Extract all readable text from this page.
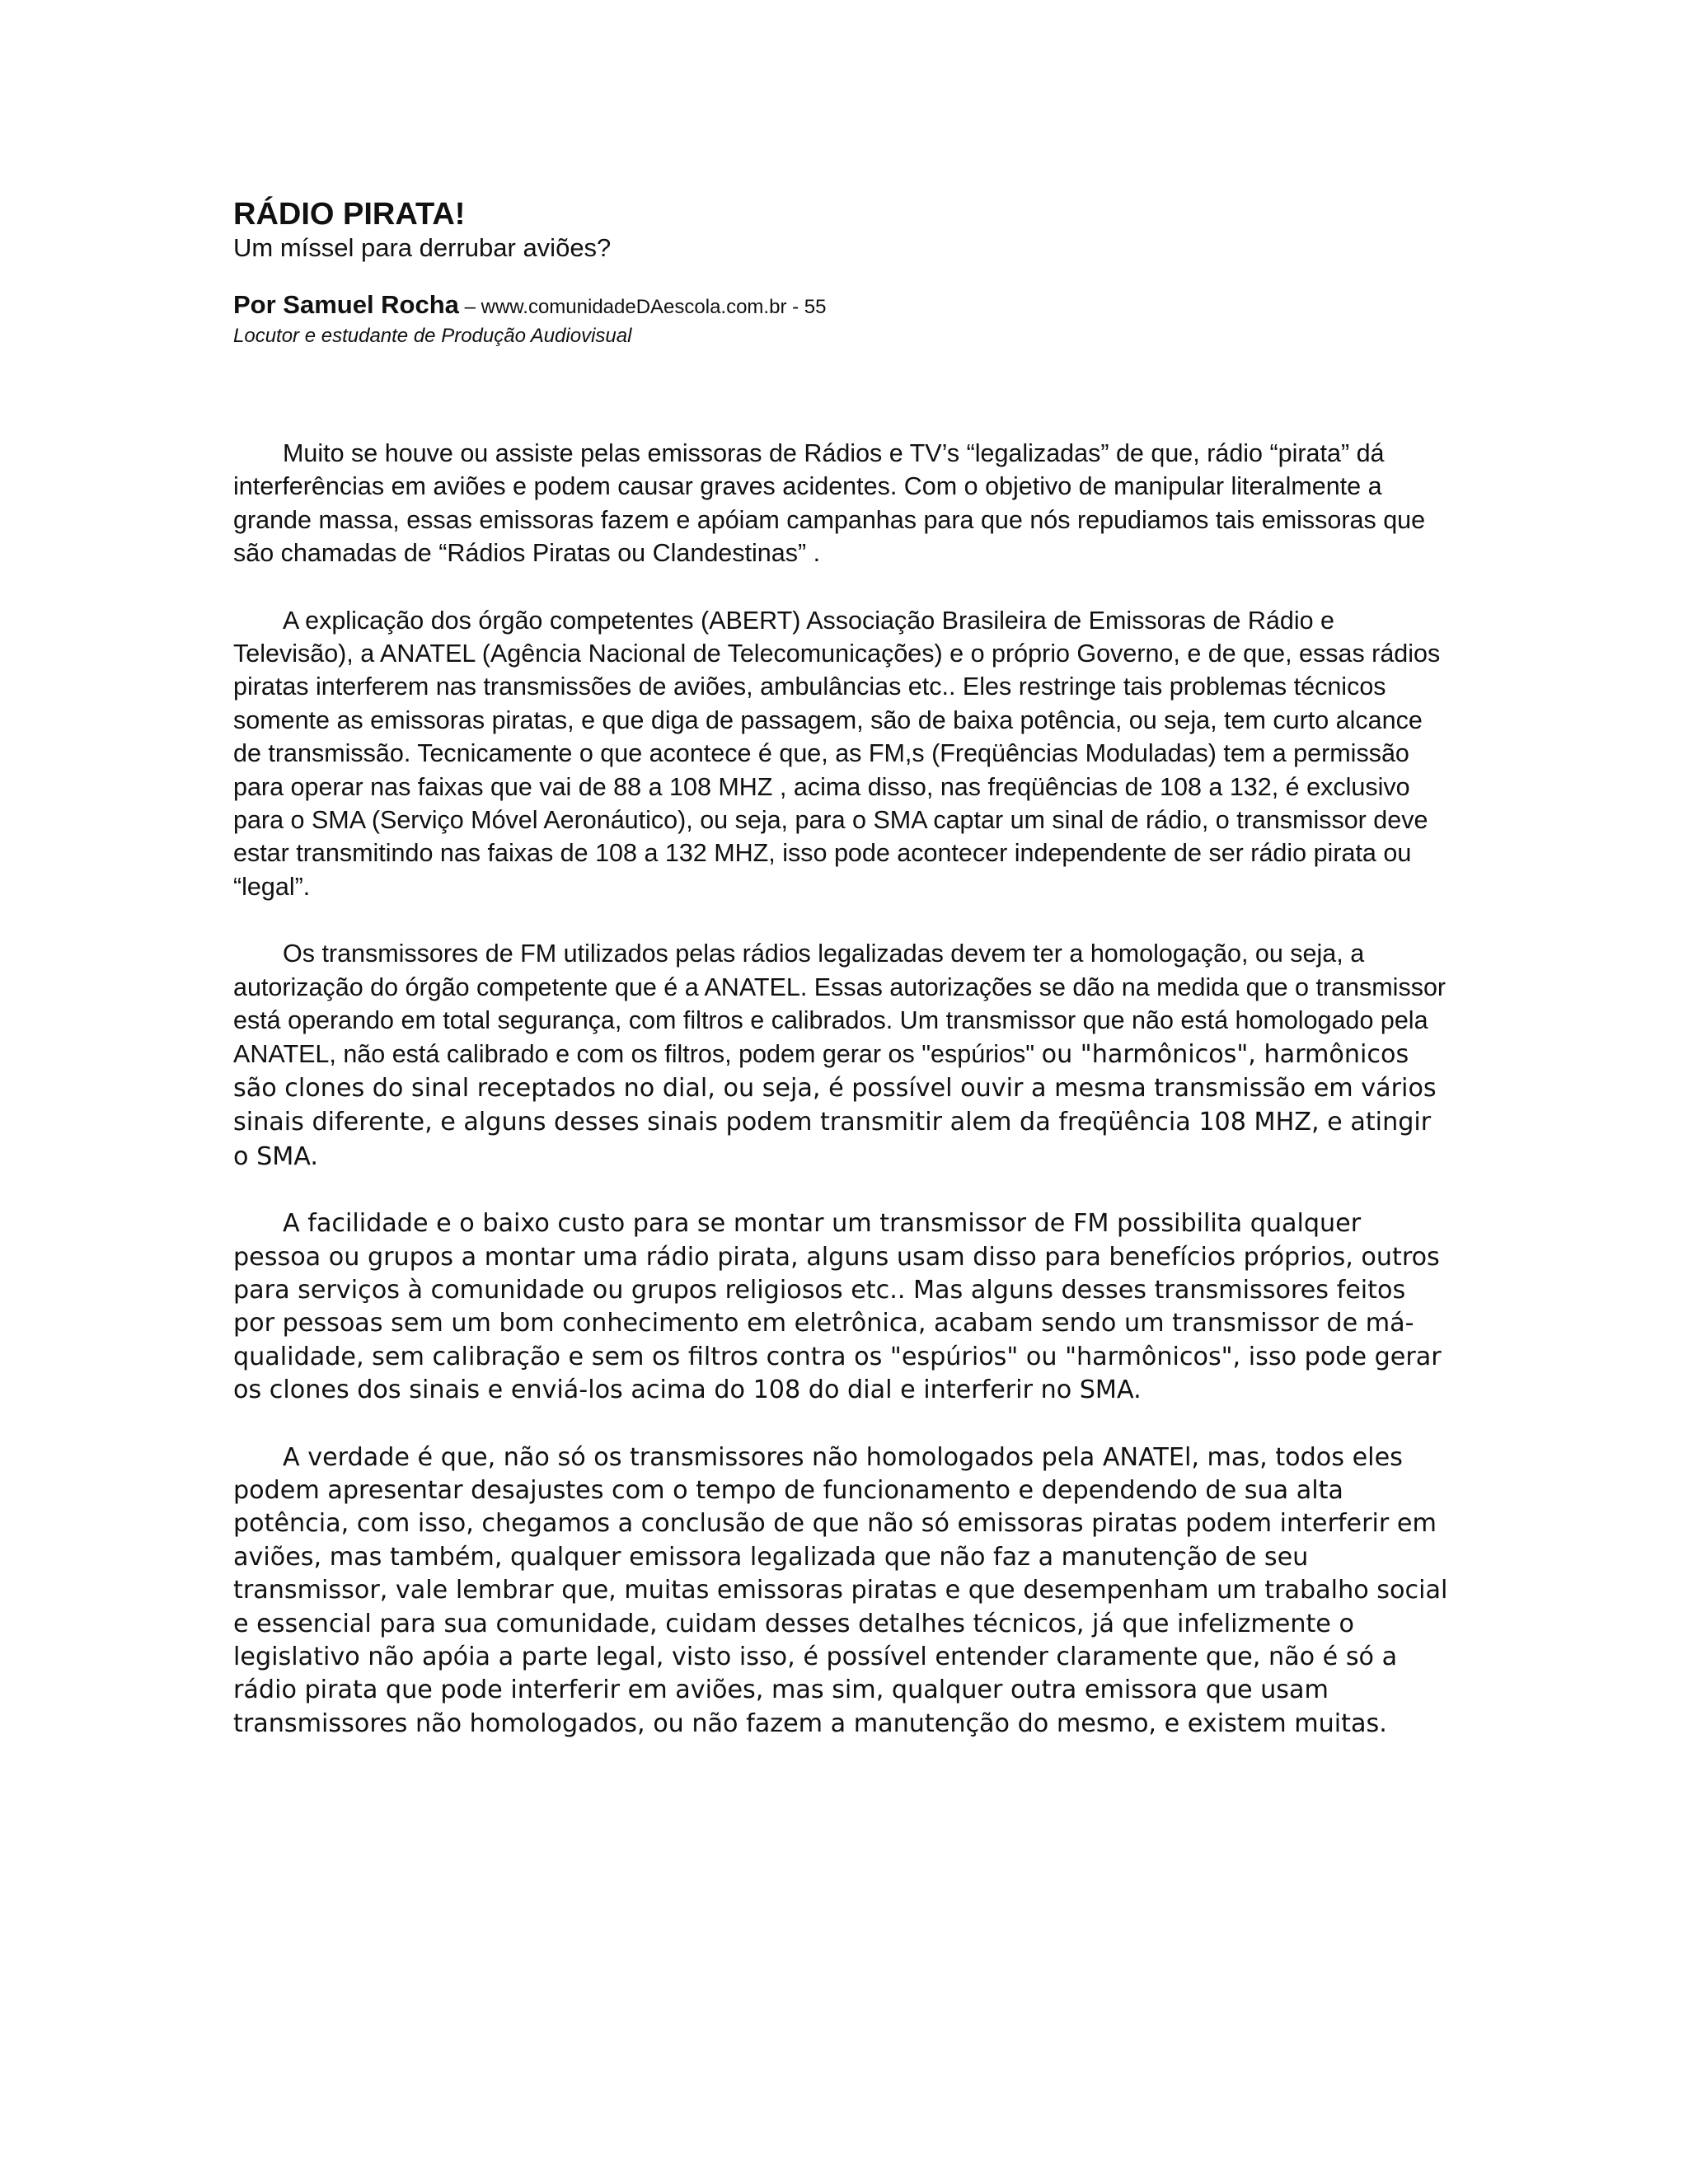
RÁDIO PIRATA!

Um míssel para derrubar aviões?

Por Samuel Rocha – www.comunidadeDAescola.com.br - 55

Locutor e estudante de Produção Audiovisual

Muito se houve ou assiste pelas emissoras de Rádios e TV’s “legalizadas” de que, rádio “pirata” dá interferências em aviões e podem causar graves acidentes. Com o objetivo de manipular literalmente a grande massa, essas emissoras fazem e apóiam campanhas para que nós repudiamos tais emissoras que são chamadas de “Rádios Piratas ou Clandestinas” .

A explicação dos órgão competentes (ABERT) Associação Brasileira de Emissoras de Rádio e Televisão), a ANATEL (Agência Nacional de Telecomunicações) e o próprio Governo, e de que, essas rádios piratas interferem nas transmissões de aviões, ambulâncias etc.. Eles restringe tais problemas técnicos somente as emissoras piratas, e que diga de passagem, são de baixa potência, ou seja, tem curto alcance de transmissão. Tecnicamente o que acontece é que, as FM,s (Freqüências Moduladas) tem a permissão para operar nas faixas que vai de 88 a 108 MHZ , acima disso, nas freqüências de 108 a 132, é exclusivo para o SMA (Serviço Móvel Aeronáutico), ou seja, para o SMA captar um sinal de rádio, o transmissor deve estar transmitindo nas faixas de 108 a 132 MHZ, isso pode acontecer independente de ser rádio pirata ou “legal”.

Os transmissores de FM utilizados pelas rádios legalizadas devem ter a homologação, ou seja, a autorização do órgão competente que é a ANATEL. Essas autorizações se dão na medida que o transmissor está operando em total segurança, com filtros e calibrados. Um transmissor que não está homologado pela ANATEL, não está calibrado e com os filtros, podem gerar os "espúrios" ou "harmônicos", harmônicos são clones do sinal receptados no dial, ou seja, é possível ouvir a mesma transmissão em vários sinais diferente, e alguns desses sinais podem transmitir alem da freqüência 108 MHZ, e atingir o SMA.

A facilidade e o baixo custo para se montar um transmissor de FM possibilita qualquer pessoa ou grupos a montar uma rádio pirata, alguns usam disso para benefícios próprios, outros para serviços à comunidade ou grupos religiosos etc.. Mas alguns desses transmissores feitos por pessoas sem um bom conhecimento em eletrônica, acabam sendo um transmissor de má-qualidade, sem calibração e sem os filtros contra os "espúrios" ou "harmônicos", isso pode gerar os clones dos sinais e enviá-los acima do 108 do dial e interferir no SMA.

A verdade é que, não só os transmissores não homologados pela ANATEl, mas, todos eles podem apresentar desajustes com o tempo de funcionamento e dependendo de sua alta potência, com isso, chegamos a conclusão de que não só emissoras piratas podem interferir em aviões, mas também, qualquer emissora legalizada que não faz a manutenção de seu transmissor, vale lembrar que, muitas emissoras piratas e que desempenham um trabalho social e essencial para sua comunidade, cuidam desses detalhes técnicos, já que infelizmente o legislativo não apóia a parte legal, visto isso, é possível entender claramente que, não é só a rádio pirata que pode interferir em aviões, mas sim, qualquer outra emissora que usam transmissores não homologados, ou não fazem a manutenção do mesmo, e existem muitas.
